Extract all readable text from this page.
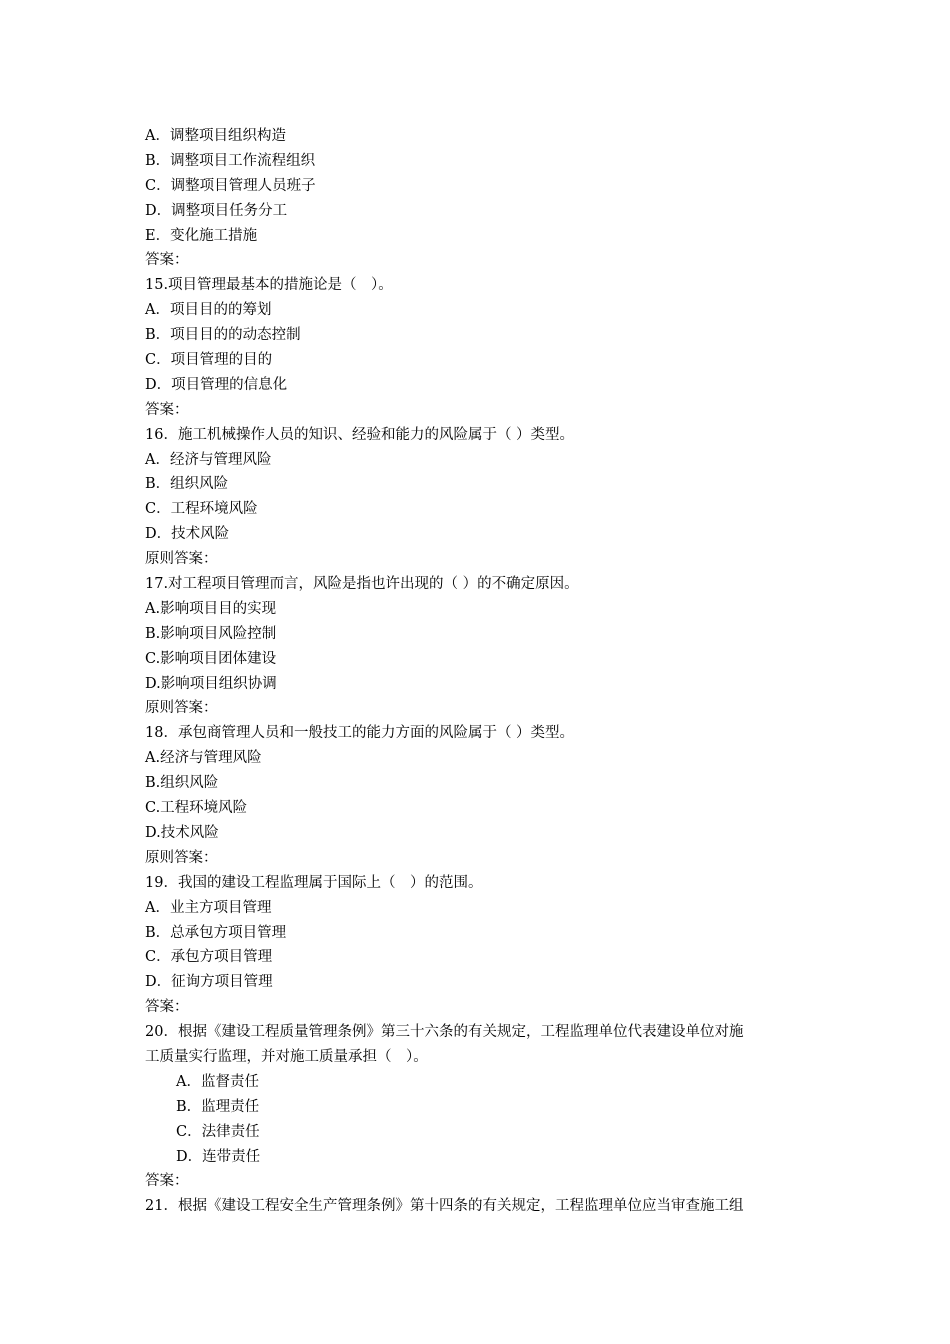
A．调整项目组织构造
B．调整项目工作流程组织
C．调整项目管理人员班子
D．调整项目任务分工
E．变化施工措施
答案：
15.项目管理最基本的措施论是（　）。
A．项目目的的筹划
B．项目目的的动态控制
C．项目管理的目的
D．项目管理的信息化
答案：
16．施工机械操作人员的知识、经验和能力的风险属于（ ）类型。
A．经济与管理风险
B．组织风险
C．工程环境风险
D．技术风险
原则答案：
17.对工程项目管理而言，风险是指也许出现的（ ）的不确定原因。
A.影响项目目的实现
B.影响项目风险控制
C.影响项目团体建设
D.影响项目组织协调
原则答案：
18．承包商管理人员和一般技工的能力方面的风险属于（ ）类型。
A.经济与管理风险
B.组织风险
C.工程环境风险
D.技术风险
原则答案：
19．我国的建设工程监理属于国际上（　）的范围。
A．业主方项目管理
B．总承包方项目管理
C．承包方项目管理
D．征询方项目管理
答案：
20．根据《建设工程质量管理条例》第三十六条的有关规定，工程监理单位代表建设单位对施
工质量实行监理，并对施工质量承担（　）。
A．监督责任
B．监理责任
C．法律责任
D．连带责任
答案：
21．根据《建设工程安全生产管理条例》第十四条的有关规定，工程监理单位应当审查施工组
